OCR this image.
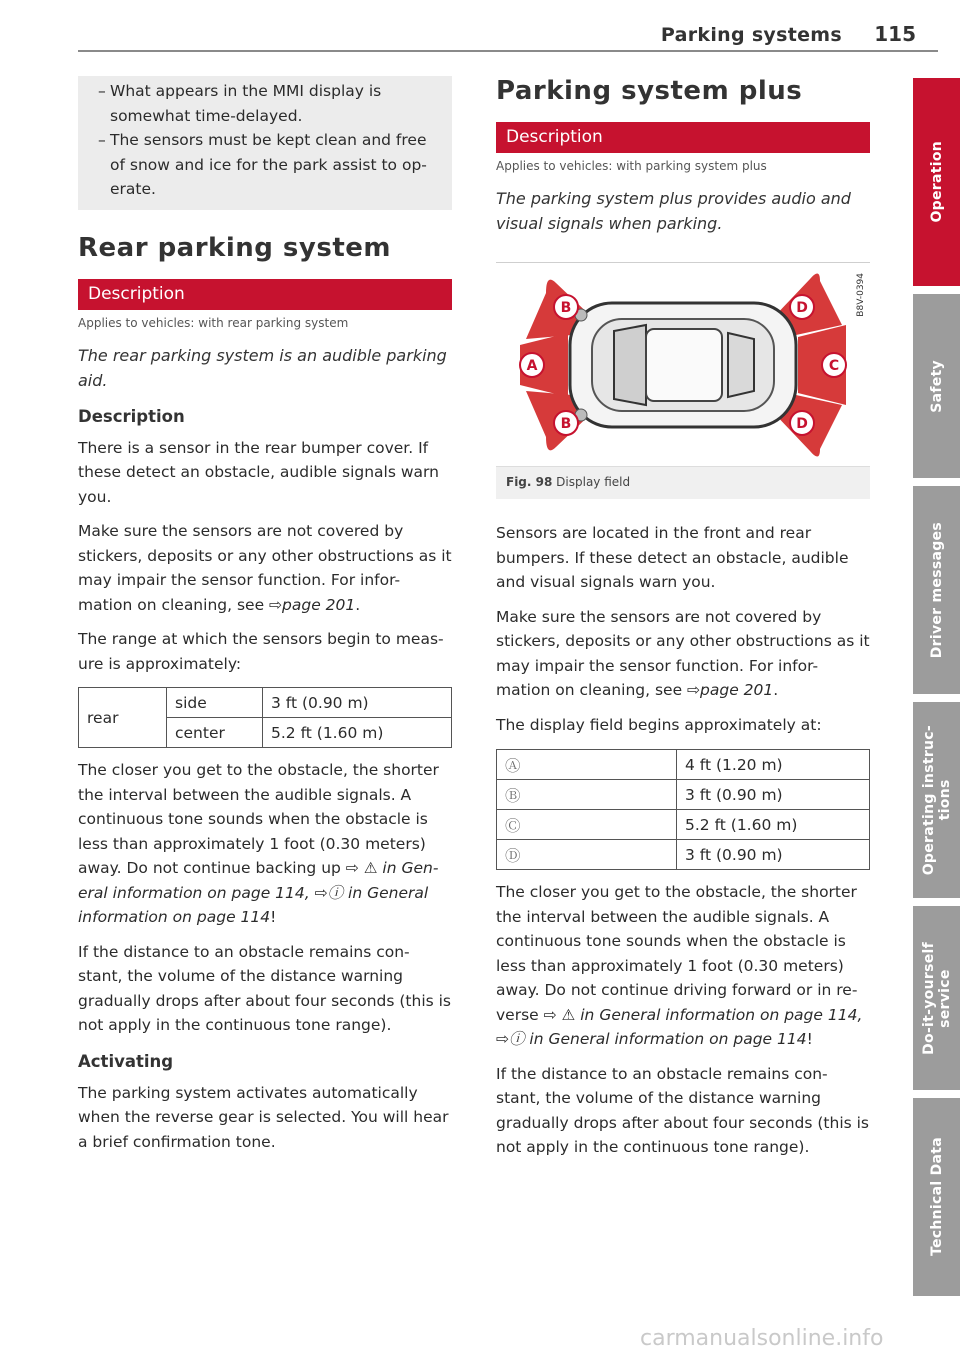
Parking systems 115
– What appears in the MMI display is somewhat time-delayed.
– The sensors must be kept clean and free of snow and ice for the park assist to op- erate.
Rear parking system
Description
Applies to vehicles: with rear parking system
The rear parking system is an audible parking aid.
Description

There is a sensor in the rear bumper cover. If these detect an obstacle, audible signals warn you.

Make sure the sensors are not covered by stickers, deposits or any other obstructions as it may impair the sensor function. For infor- mation on cleaning, see ⇨page 201.

The range at which the sensors begin to meas- ure is approximately:

rear	side	3 ft (0.90 m)
	center	5.2 ft (1.60 m)

The closer you get to the obstacle, the shorter the interval between the audible signals. A continuous tone sounds when the obstacle is less than approximately 1 foot (0.30 meters) away. Do not continue backing up ⇨ ⚠ in Gen- eral information on page 114, ⇨ⓘ in General information on page 114!

If the distance to an obstacle remains con- stant, the volume of the distance warning gradually drops after about four seconds (this is not apply in the continuous tone range).

Activating

The parking system activates automatically when the reverse gear is selected. You will hear a brief confirmation tone.

Parking system plus
Description
Applies to vehicles: with parking system plus
The parking system plus provides audio and visual signals when parking.
A
B
B
C
D
D
B8V-0394
Fig. 98 Display field

Sensors are located in the front and rear bumpers. If these detect an obstacle, audible and visual signals warn you.

Make sure the sensors are not covered by stickers, deposits or any other obstructions as it may impair the sensor function. For infor- mation on cleaning, see ⇨page 201.

The display field begins approximately at:

Ⓐ	4 ft (1.20 m)
Ⓑ	3 ft (0.90 m)
Ⓒ	5.2 ft (1.60 m)
Ⓓ	3 ft (0.90 m)

The closer you get to the obstacle, the shorter the interval between the audible signals. A continuous tone sounds when the obstacle is less than approximately 1 foot (0.30 meters) away. Do not continue driving forward or in re- verse ⇨ ⚠ in General information on page 114, ⇨ⓘ in General information on page 114!

If the distance to an obstacle remains con- stant, the volume of the distance warning gradually drops after about four seconds (this is not apply in the continuous tone range).

Operation
Safety
Driver messages
Operating instruc-
tions
Do-it-yourself
service
Technical Data
carmanualsonline.info
